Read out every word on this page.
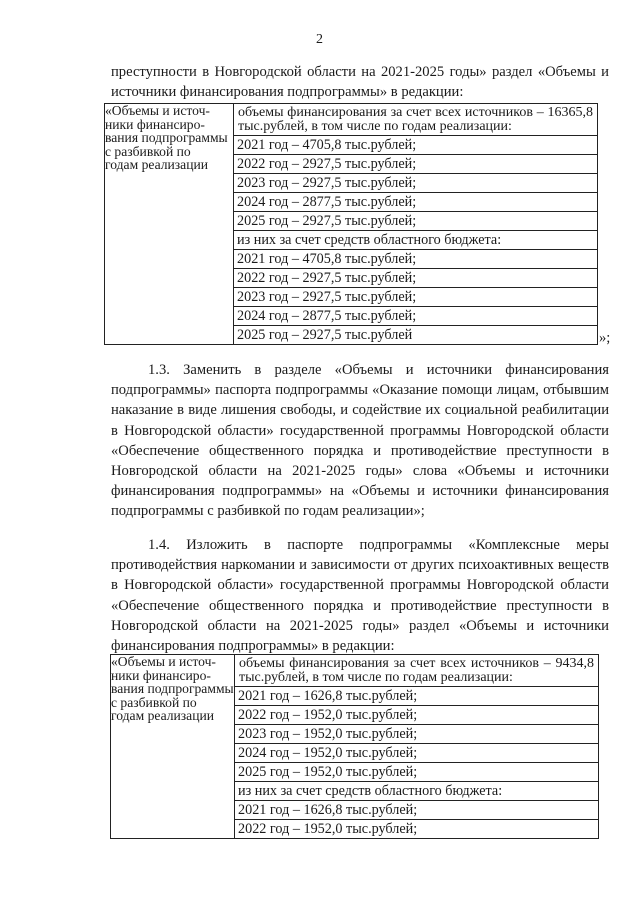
2

преступности в Новгородской области на 2021-2025 годы» раздел «Объемы и источники финансирования подпрограммы» в редакции:

«Объемы и источ-
ники финансиро-
вания подпрограммы
с разбивкой по
годам реализации

объемы финансирования за счет всех источников – 16365,8 тыс.рублей, в том числе по годам реализации:
2021 год – 4705,8 тыс.рублей;
2022 год – 2927,5 тыс.рублей;
2023 год – 2927,5 тыс.рублей;
2024 год – 2877,5 тыс.рублей;
2025 год – 2927,5 тыс.рублей;
из них за счет средств областного бюджета:
2021 год – 4705,8 тыс.рублей;
2022 год – 2927,5 тыс.рублей;
2023 год – 2927,5 тыс.рублей;
2024 год – 2877,5 тыс.рублей;
2025 год – 2927,5 тыс.рублей	»;

1.3. Заменить в разделе «Объемы и источники финансирования подпрограммы» паспорта подпрограммы «Оказание помощи лицам, отбывшим наказание в виде лишения свободы, и содействие их социальной реабилитации в Новгородской области» государственной программы Новгородской области «Обеспечение общественного порядка и противодействие преступности в Новгородской области на 2021-2025 годы» слова «Объемы и источники финансирования подпрограммы» на «Объемы и источники финансирования подпрограммы с разбивкой по годам реализации»;

1.4. Изложить в паспорте подпрограммы «Комплексные меры противодействия наркомании и зависимости от других психоактивных веществ в Новгородской области» государственной программы Новгородской области «Обеспечение общественного порядка и противодействие преступности в Новгородской области на 2021-2025 годы» раздел «Объемы и источники финансирования подпрограммы» в редакции:

«Объемы и источ-
ники финансиро-
вания подпрограммы
с разбивкой по
годам реализации

объемы финансирования за счет всех источников – 9434,8 тыс.рублей, в том числе по годам реализации:
2021 год – 1626,8 тыс.рублей;
2022 год – 1952,0 тыс.рублей;
2023 год – 1952,0 тыс.рублей;
2024 год – 1952,0 тыс.рублей;
2025 год – 1952,0 тыс.рублей;
из них за счет средств областного бюджета:
2021 год – 1626,8 тыс.рублей;
2022 год – 1952,0 тыс.рублей;
